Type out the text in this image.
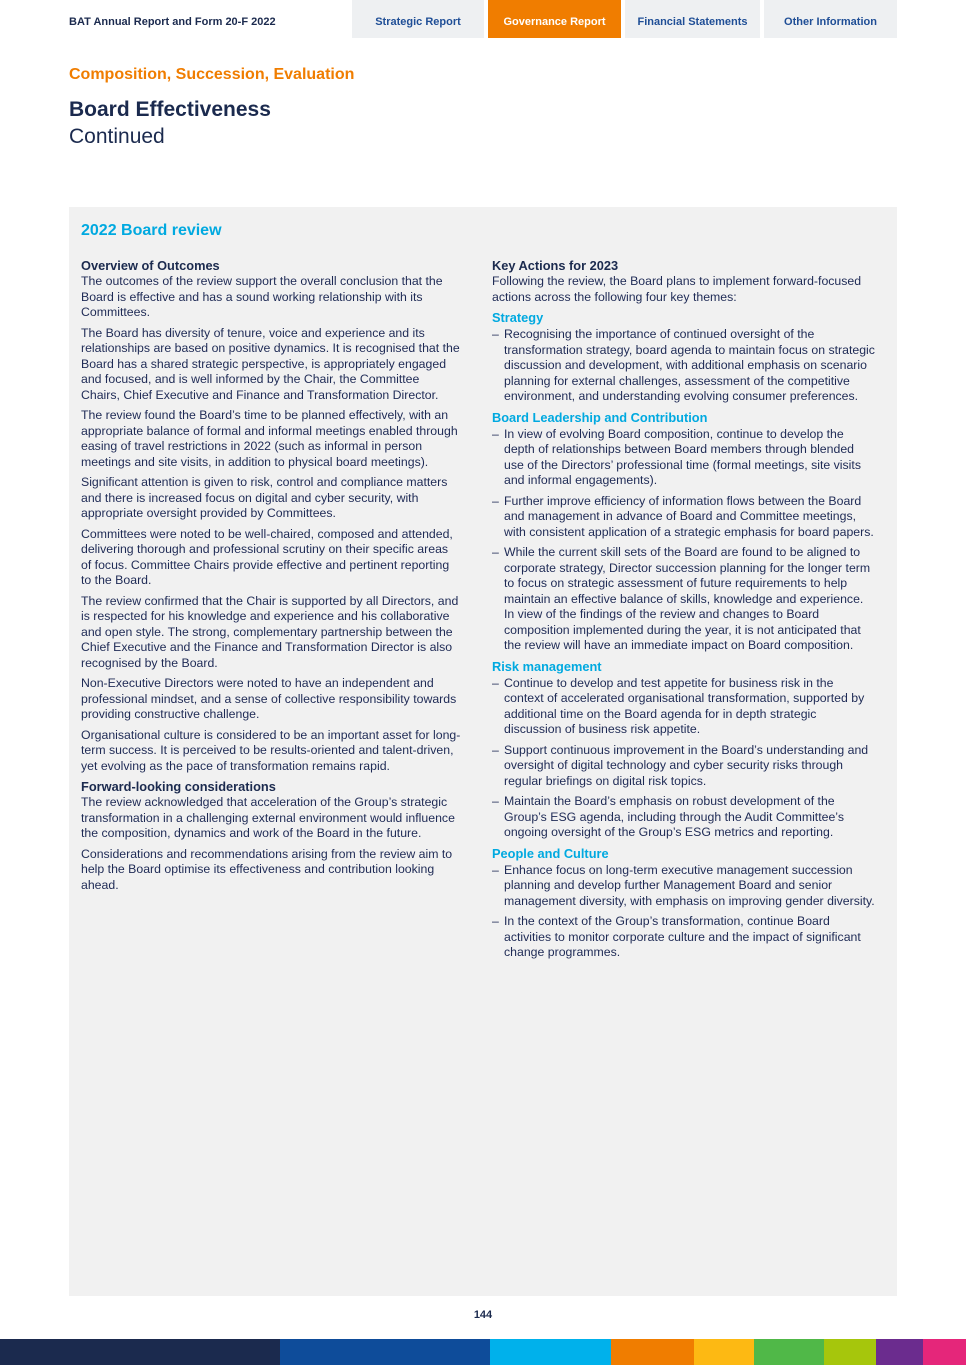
BAT Annual Report and Form 20-F 2022	Strategic Report	Governance Report	Financial Statements	Other Information
Composition, Succession, Evaluation
Board Effectiveness
Continued
2022 Board review
Overview of Outcomes

The outcomes of the review support the overall conclusion that the Board is effective and has a sound working relationship with its Committees.

The Board has diversity of tenure, voice and experience and its relationships are based on positive dynamics. It is recognised that the Board has a shared strategic perspective, is appropriately engaged and focused, and is well informed by the Chair, the Committee Chairs, Chief Executive and Finance and Transformation Director.

The review found the Board’s time to be planned effectively, with an appropriate balance of formal and informal meetings enabled through easing of travel restrictions in 2022 (such as informal in person meetings and site visits, in addition to physical board meetings).

Significant attention is given to risk, control and compliance matters and there is increased focus on digital and cyber security, with appropriate oversight provided by Committees.

Committees were noted to be well-chaired, composed and attended, delivering thorough and professional scrutiny on their specific areas of focus. Committee Chairs provide effective and pertinent reporting to the Board.

The review confirmed that the Chair is supported by all Directors, and is respected for his knowledge and experience and his collaborative and open style. The strong, complementary partnership between the Chief Executive and the Finance and Transformation Director is also recognised by the Board.

Non-Executive Directors were noted to have an independent and professional mindset, and a sense of collective responsibility towards providing constructive challenge.

Organisational culture is considered to be an important asset for long-term success. It is perceived to be results-oriented and talent-driven, yet evolving as the pace of transformation remains rapid.

Forward-looking considerations

The review acknowledged that acceleration of the Group’s strategic transformation in a challenging external environment would influence the composition, dynamics and work of the Board in the future.

Considerations and recommendations arising from the review aim to help the Board optimise its effectiveness and contribution looking ahead.

Key Actions for 2023

Following the review, the Board plans to implement forward-focused actions across the following four key themes:

Strategy
– Recognising the importance of continued oversight of the transformation strategy, board agenda to maintain focus on strategic discussion and development, with additional emphasis on scenario planning for external challenges, assessment of the competitive environment, and understanding evolving consumer preferences.
Board Leadership and Contribution
– In view of evolving Board composition, continue to develop the depth of relationships between Board members through blended use of the Directors’ professional time (formal meetings, site visits and informal engagements).
– Further improve efficiency of information flows between the Board and management in advance of Board and Committee meetings, with consistent application of a strategic emphasis for board papers.
– While the current skill sets of the Board are found to be aligned to corporate strategy, Director succession planning for the longer term to focus on strategic assessment of future requirements to help maintain an effective balance of skills, knowledge and experience. In view of the findings of the review and changes to Board composition implemented during the year, it is not anticipated that the review will have an immediate impact on Board composition.
Risk management
– Continue to develop and test appetite for business risk in the context of accelerated organisational transformation, supported by additional time on the Board agenda for in depth strategic discussion of business risk appetite.
– Support continuous improvement in the Board’s understanding and oversight of digital technology and cyber security risks through regular briefings on digital risk topics.
– Maintain the Board’s emphasis on robust development of the Group’s ESG agenda, including through the Audit Committee’s ongoing oversight of the Group’s ESG metrics and reporting.
People and Culture
– Enhance focus on long-term executive management succession planning and develop further Management Board and senior management diversity, with emphasis on improving gender diversity.
– In the context of the Group’s transformation, continue Board activities to monitor corporate culture and the impact of significant change programmes.
144
